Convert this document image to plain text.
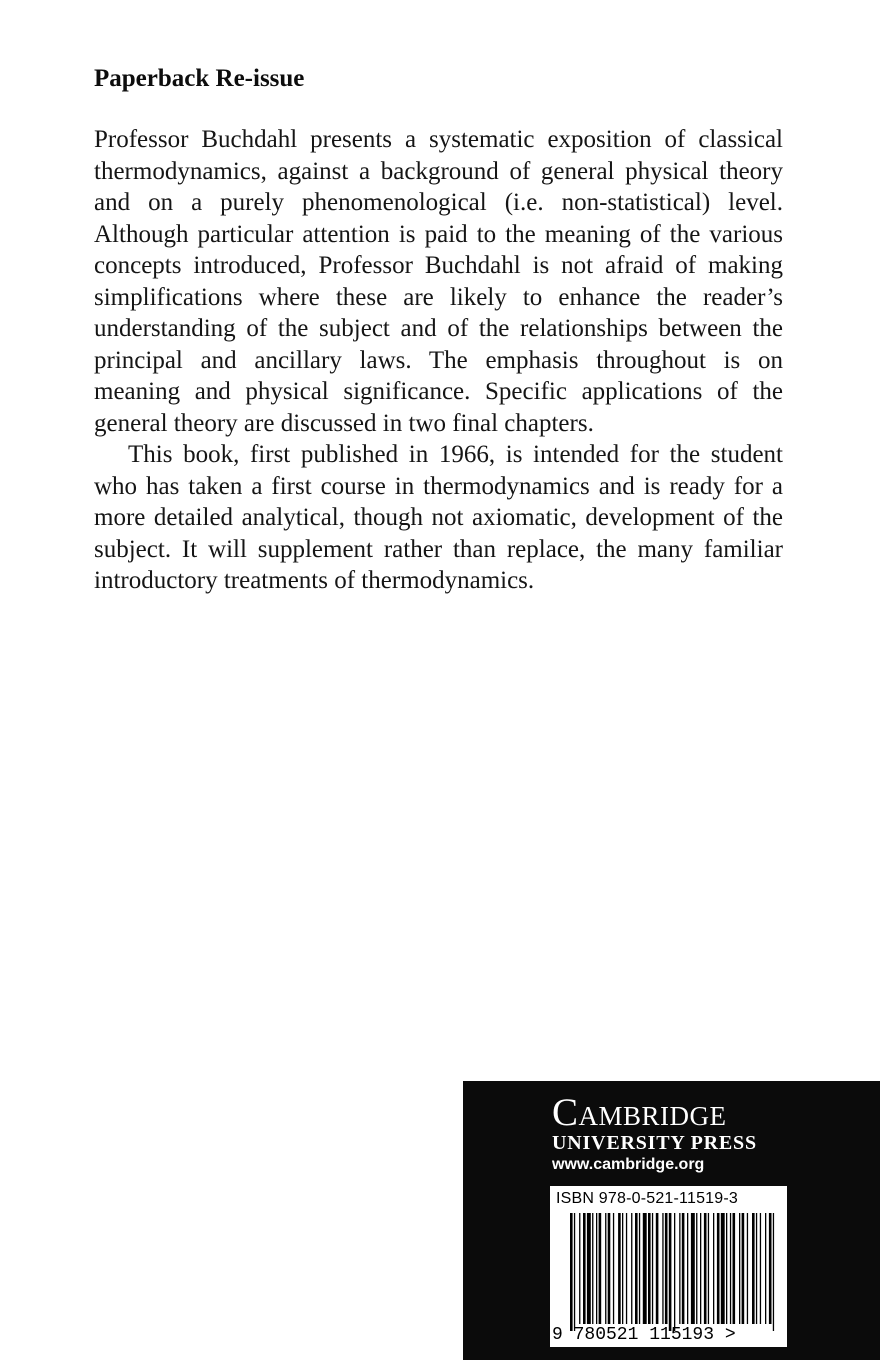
Paperback Re-issue

Professor Buchdahl presents a systematic exposition of classical thermodynamics, against a background of general physical theory and on a purely phenomenological (i.e. non-statistical) level. Although particular attention is paid to the meaning of the various concepts introduced, Professor Buchdahl is not afraid of making simplifications where these are likely to enhance the reader’s understanding of the subject and of the relationships between the principal and ancillary laws. The emphasis throughout is on meaning and physical significance. Specific applications of the general theory are discussed in two final chapters.

This book, first published in 1966, is intended for the student who has taken a first course in thermodynamics and is ready for a more detailed analytical, though not axiomatic, development of the subject. It will supplement rather than replace, the many familiar introductory treatments of thermodynamics.

Cambridge
UNIVERSITY PRESS
www.cambridge.org
ISBN 978-0-521-11519-3
9 780521 115193 >
